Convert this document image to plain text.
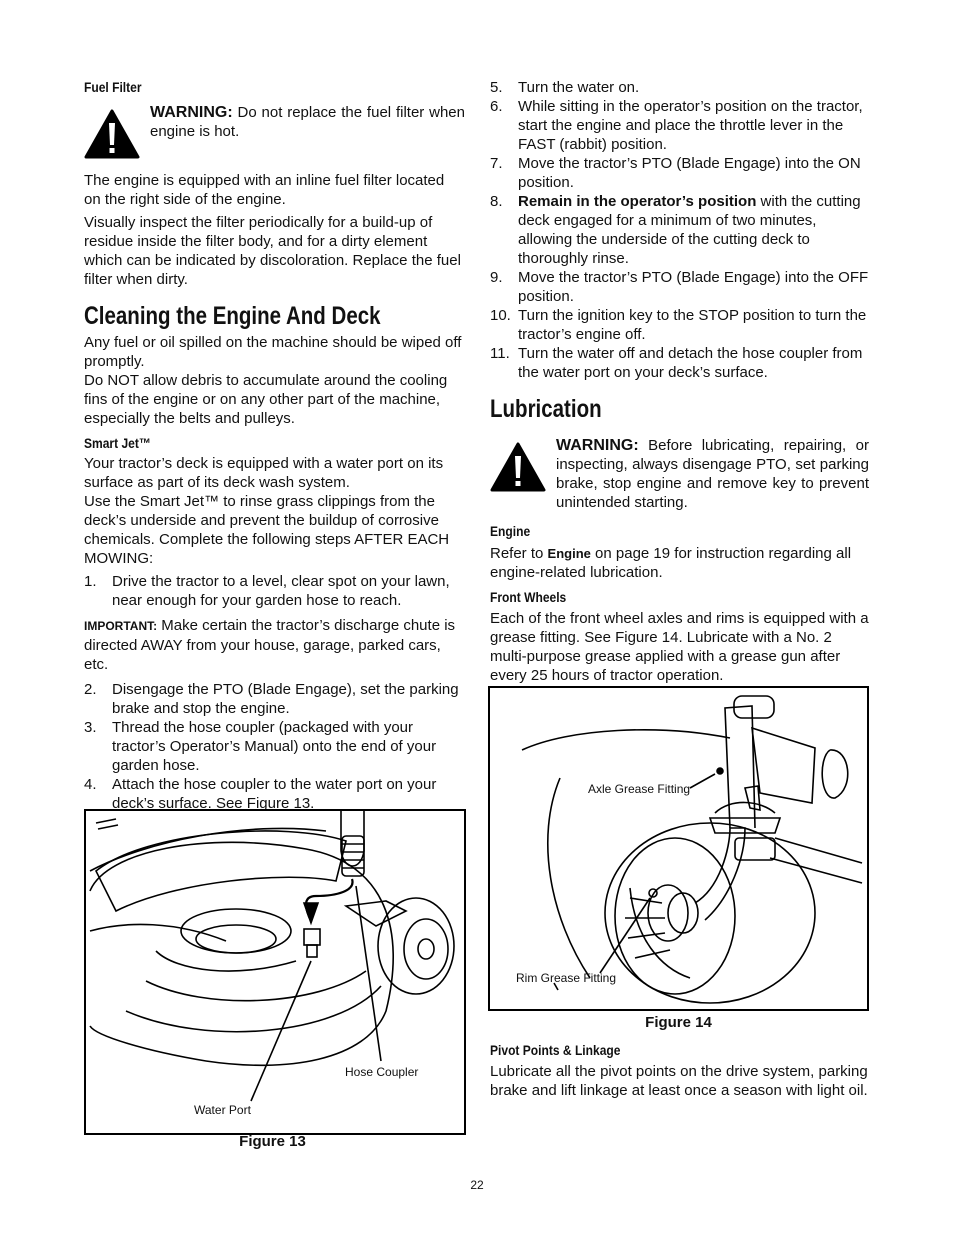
Fuel Filter
WARNING: Do not replace the fuel filter when engine is hot.

The engine is equipped with an inline fuel filter located on the right side of the engine.

Visually inspect the filter periodically for a build-up of residue inside the filter body, and for a dirty element which can be indicated by discoloration. Replace the fuel filter when dirty.

Cleaning the Engine And Deck

Any fuel or oil spilled on the machine should be wiped off promptly.

Do NOT allow debris to accumulate around the cooling fins of the engine or on any other part of the machine, especially the belts and pulleys.

Smart Jet™

Your tractor’s deck is equipped with a water port on its surface as part of its deck wash system.

Use the Smart Jet™ to rinse grass clippings from the deck’s underside and prevent the buildup of corrosive chemicals. Complete the following steps AFTER EACH MOWING:

1.	Drive the tractor to a level, clear spot on your lawn, near enough for your garden hose to reach.

IMPORTANT: Make certain the tractor’s discharge chute is directed AWAY from your house, garage, parked cars, etc.

2.	Disengage the PTO (Blade Engage), set the parking brake and stop the engine.
3.	Thread the hose coupler (packaged with your tractor’s Operator’s Manual) onto the end of your garden hose.
4.	Attach the hose coupler to the water port on your deck’s surface. See Figure 13.
Hose Coupler
Water Port
Figure 13
5.	Turn the water on.
6.	While sitting in the operator’s position on the tractor, start the engine and place the throttle lever in the FAST (rabbit) position.
7.	Move the tractor’s PTO (Blade Engage) into the ON position.
8.	Remain in the operator’s position with the cutting deck engaged for a minimum of two minutes, allowing the underside of the cutting deck to thoroughly rinse.
9.	Move the tractor’s PTO (Blade Engage) into the OFF position.
10. Turn the ignition key to the STOP position to turn the tractor’s engine off.
11. Turn the water off and detach the hose coupler from the water port on your deck’s surface.
Lubrication
WARNING: Before lubricating, repairing, or inspecting, always disengage PTO, set parking brake, stop engine and remove key to prevent unintended starting.
Engine

Refer to Engine on page 19 for instruction regarding all engine-related lubrication.

Front Wheels

Each of the front wheel axles and rims is equipped with a grease fitting. See Figure 14. Lubricate with a No. 2 multi-purpose grease applied with a grease gun after every 25 hours of tractor operation.

Axle Grease Fitting
Rim Grease Fitting
Figure 14
Pivot Points & Linkage

Lubricate all the pivot points on the drive system, parking brake and lift linkage at least once a season with light oil.

22
